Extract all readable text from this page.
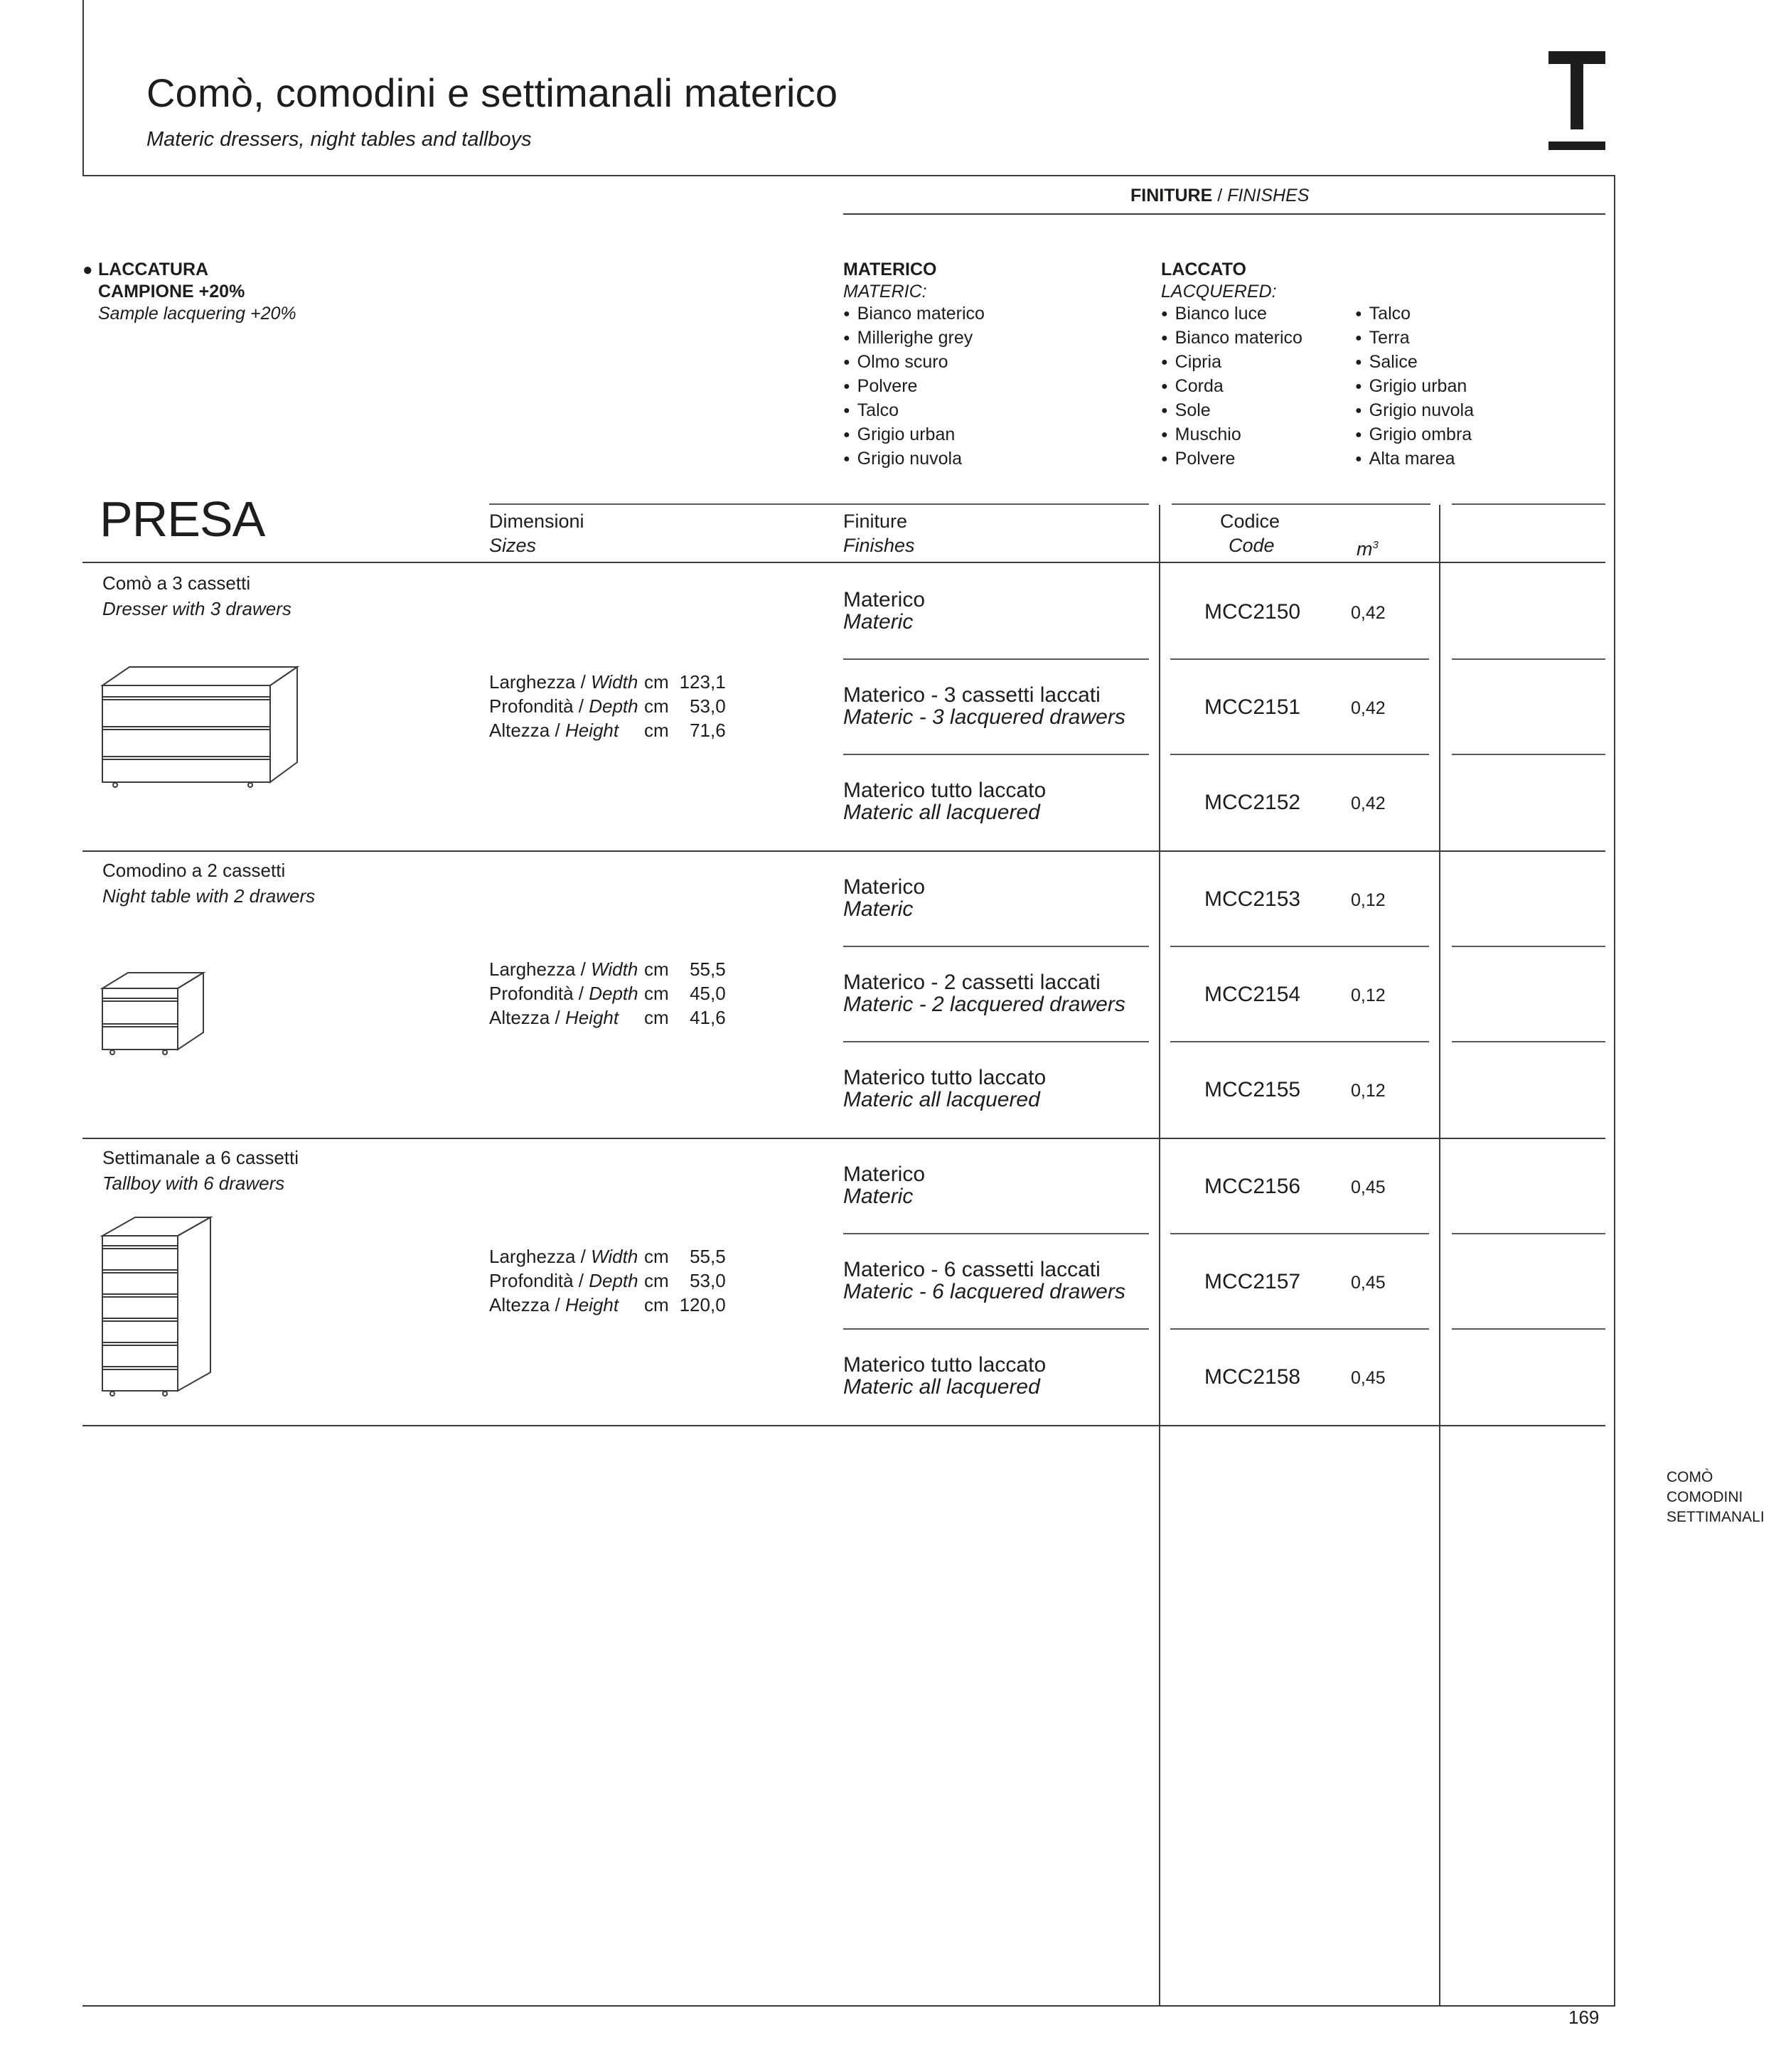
Comò, comodini e settimanali materico
Materic dressers, night tables and tallboys
FINITURE / FINISHES
● LACCATURA
CAMPIONE +20%
Sample lacquering +20%
MATERICO
MATERIC:
● Bianco materico
● Millerighe grey
● Olmo scuro
● Polvere
● Talco
● Grigio urban
● Grigio nuvola
LACCATO
LACQUERED:
● Bianco luce
● Bianco materico
● Cipria
● Corda
● Sole
● Muschio
● Polvere
● Talco
● Terra
● Salice
● Grigio urban
● Grigio nuvola
● Grigio ombra
● Alta marea
PRESA	Dimensioni
Sizes
Finiture
Finishes
Codice
Code	$m^3$
Comò a 3 cassetti
Dresser with 3 drawers
Larghezza / Width cm 123,1
Profondità / Depth cm 53,0
Altezza / Height cm 71,6
Materico
Materic	MCC2150	0,42
Materico - 3 cassetti laccati
Materic - 3 lacquered drawers	MCC2151	0,42
Materico tutto laccato
Materic all lacquered	MCC2152	0,42
Comodino a 2 cassetti
Night table with 2 drawers
Larghezza / Width cm 55,5
Profondità / Depth cm 45,0
Altezza / Height cm 41,6
Materico
Materic	MCC2153	0,12
Materico - 2 cassetti laccati
Materic - 2 lacquered drawers	MCC2154	0,12
Materico tutto laccato
Materic all lacquered	MCC2155	0,12
Settimanale a 6 cassetti
Tallboy with 6 drawers
Larghezza / Width cm 55,5
Profondità / Depth cm 53,0
Altezza / Height cm 120,0
Materico
Materic	MCC2156	0,45
Materico - 6 cassetti laccati
Materic - 6 lacquered drawers	MCC2157	0,45
Materico tutto laccato
Materic all lacquered	MCC2158	0,45
COMÒ
COMODINI
SETTIMANALI
169
